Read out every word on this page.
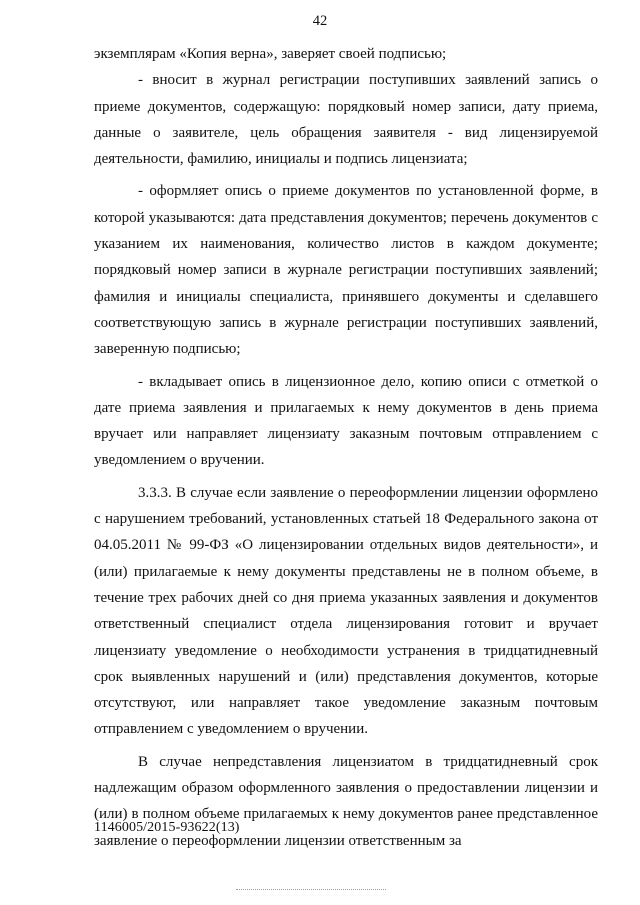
42

экземплярам «Копия верна», заверяет своей подписью;

- вносит в журнал регистрации поступивших заявлений запись о приеме документов, содержащую: порядковый номер записи, дату приема, данные о заявителе, цель обращения заявителя - вид лицензируемой деятельности, фамилию, инициалы и подпись лицензиата;

- оформляет опись о приеме документов по установленной форме, в которой указываются: дата представления документов; перечень документов с указанием их наименования, количество листов в каждом документе; порядковый номер записи в журнале регистрации поступивших заявлений; фамилия и инициалы специалиста, принявшего документы и сделавшего соответствующую запись в журнале регистрации поступивших заявлений, заверенную подписью;

- вкладывает опись в лицензионное дело, копию описи с отметкой о дате приема заявления и прилагаемых к нему документов в день приема вручает или направляет лицензиату заказным почтовым отправлением с уведомлением о вручении.

3.3.3. В случае если заявление о переоформлении лицензии оформлено с нарушением требований, установленных статьей 18 Федерального закона от 04.05.2011 № 99-ФЗ «О лицензировании отдельных видов деятельности», и (или) прилагаемые к нему документы представлены не в полном объеме, в течение трех рабочих дней со дня приема указанных заявления и документов ответственный специалист отдела лицензирования готовит и вручает лицензиату уведомление о необходимости устранения в тридцатидневный срок выявленных нарушений и (или) представления документов, которые отсутствуют, или направляет такое уведомление заказным почтовым отправлением с уведомлением о вручении.

В случае непредставления лицензиатом в тридцатидневный срок надлежащим образом оформленного заявления о предоставлении лицензии и (или) в полном объеме прилагаемых к нему документов ранее представленное заявление о переоформлении лицензии ответственным за

1146005/2015-93622(13)
